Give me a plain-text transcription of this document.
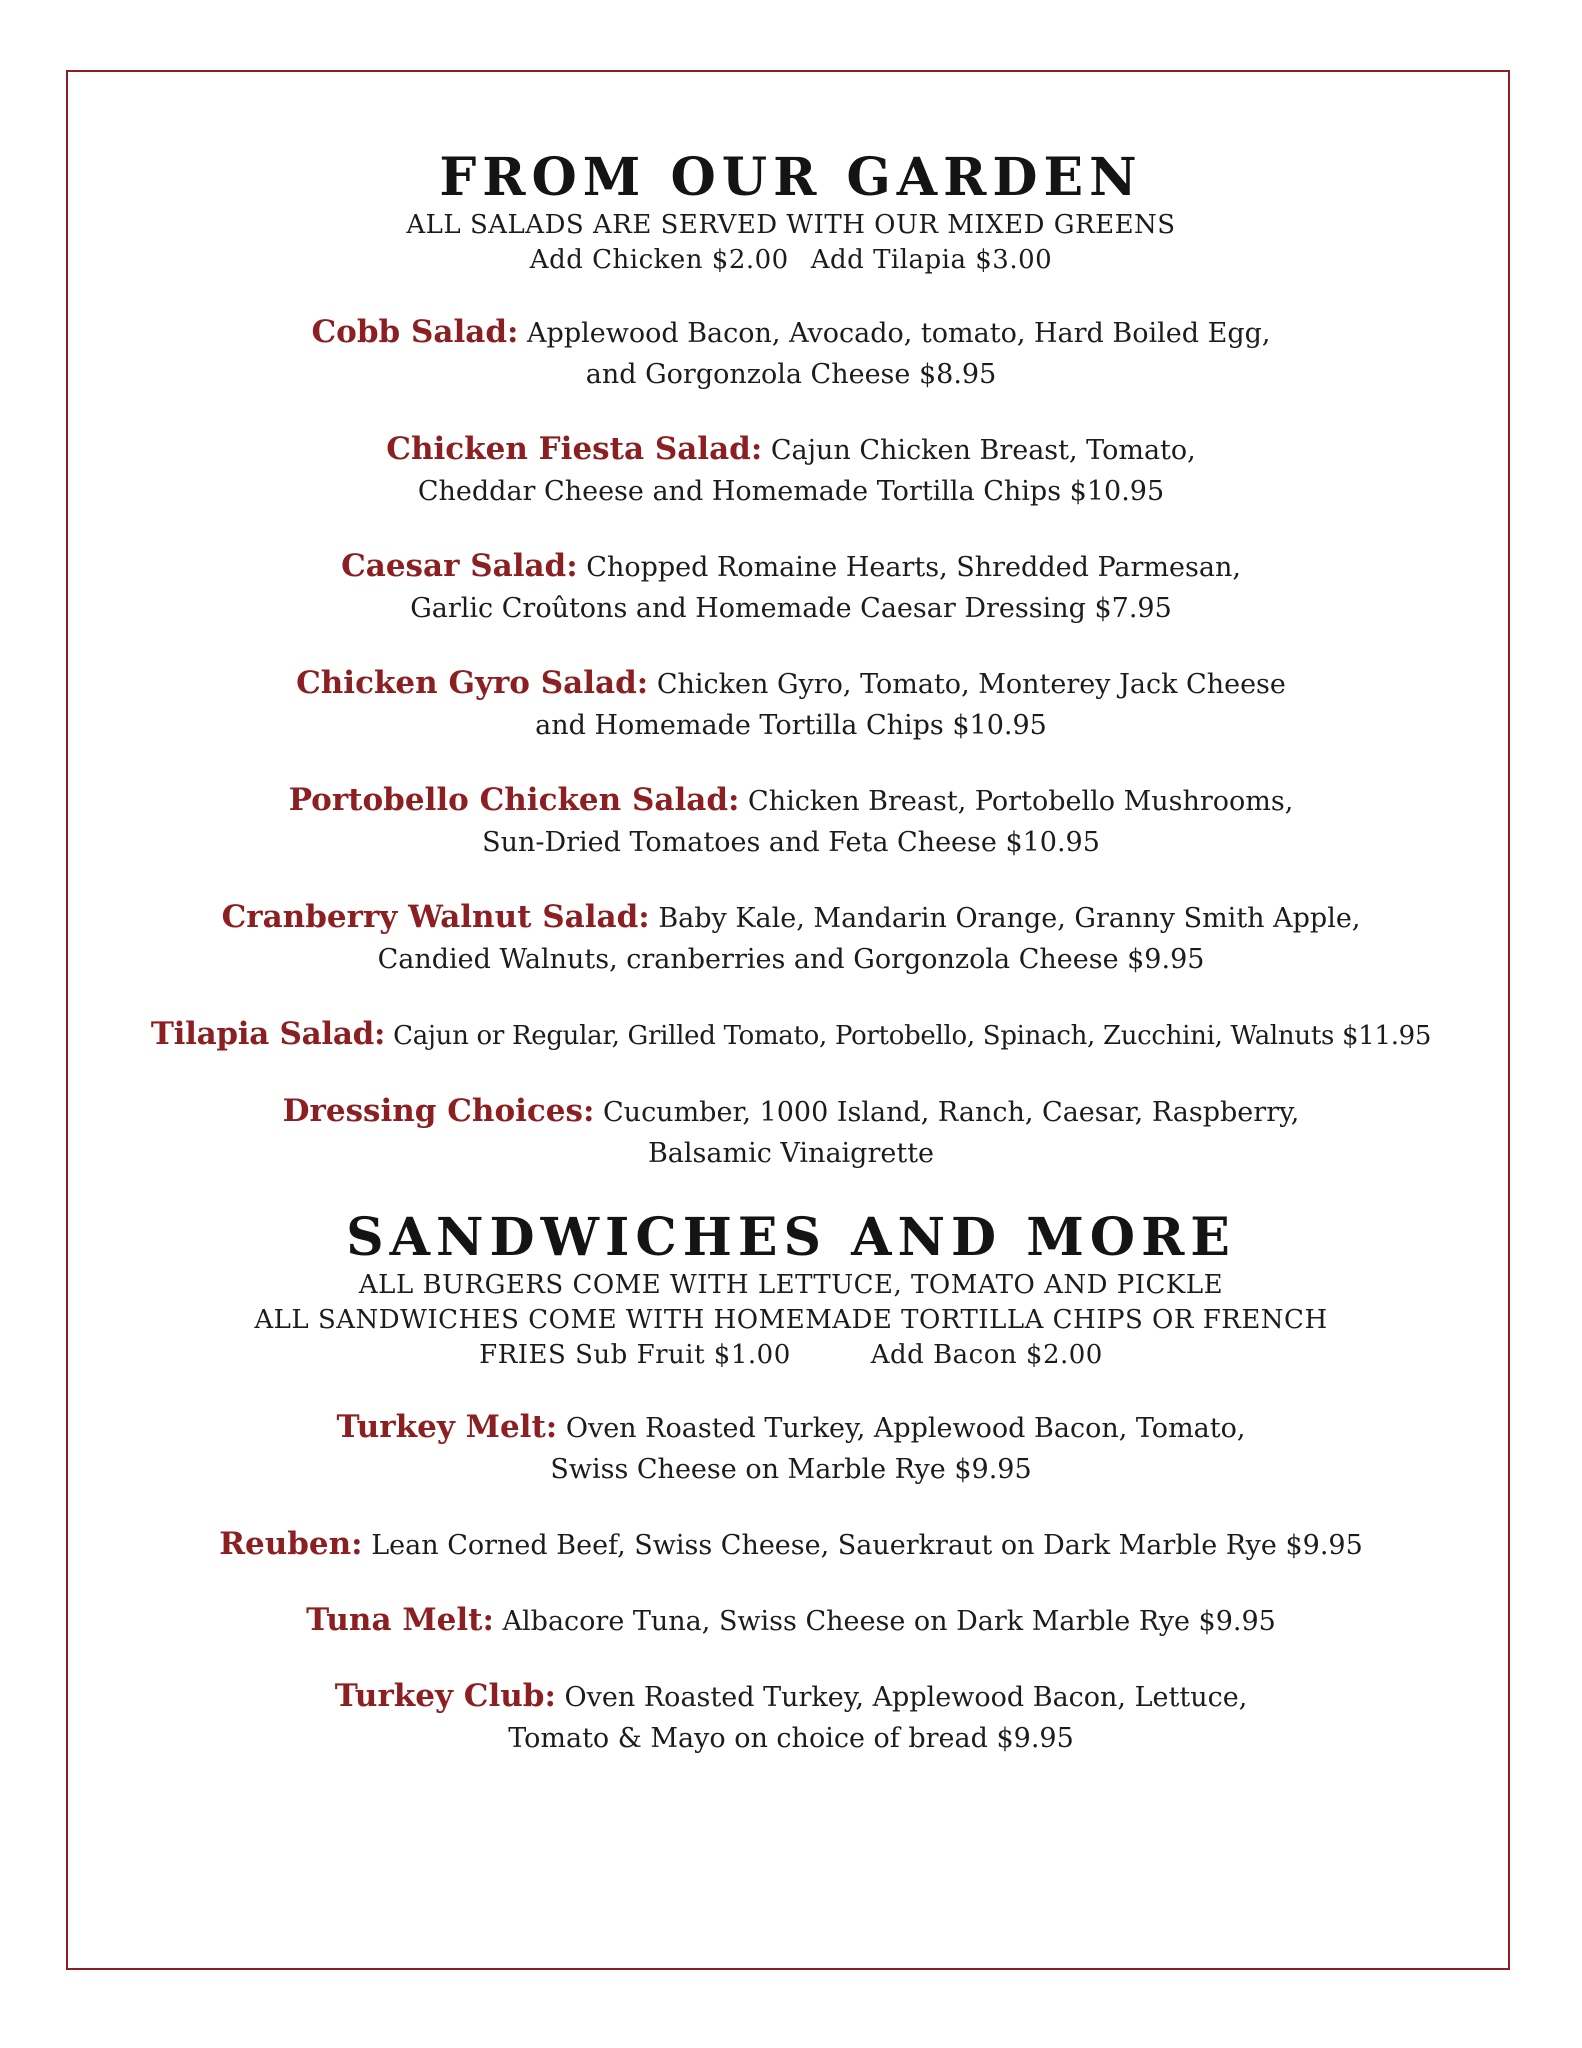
FROM OUR GARDEN
ALL SALADS ARE SERVED WITH OUR MIXED GREENS
Add Chicken $2.00 Add Tilapia $3.00
Cobb Salad: Applewood Bacon, Avocado, tomato, Hard Boiled Egg,
and Gorgonzola Cheese $8.95
Chicken Fiesta Salad: Cajun Chicken Breast, Tomato,
Cheddar Cheese and Homemade Tortilla Chips $10.95
Caesar Salad: Chopped Romaine Hearts, Shredded Parmesan,
Garlic Croûtons and Homemade Caesar Dressing $7.95
Chicken Gyro Salad: Chicken Gyro, Tomato, Monterey Jack Cheese
and Homemade Tortilla Chips $10.95
Portobello Chicken Salad: Chicken Breast, Portobello Mushrooms,
Sun-Dried Tomatoes and Feta Cheese $10.95
Cranberry Walnut Salad: Baby Kale, Mandarin Orange, Granny Smith Apple,
Candied Walnuts, cranberries and Gorgonzola Cheese $9.95
Tilapia Salad: Cajun or Regular, Grilled Tomato, Portobello, Spinach, Zucchini, Walnuts $11.95
Dressing Choices: Cucumber, 1000 Island, Ranch, Caesar, Raspberry,
Balsamic Vinaigrette
SANDWICHES AND MORE
ALL BURGERS COME WITH LETTUCE, TOMATO AND PICKLE
ALL SANDWICHES COME WITH HOMEMADE TORTILLA CHIPS OR FRENCH
FRIES Sub Fruit $1.00	Add Bacon $2.00
Turkey Melt: Oven Roasted Turkey, Applewood Bacon, Tomato,
Swiss Cheese on Marble Rye $9.95
Reuben: Lean Corned Beef, Swiss Cheese, Sauerkraut on Dark Marble Rye $9.95
Tuna Melt: Albacore Tuna, Swiss Cheese on Dark Marble Rye $9.95
Turkey Club: Oven Roasted Turkey, Applewood Bacon, Lettuce,
Tomato & Mayo on choice of bread $9.95
